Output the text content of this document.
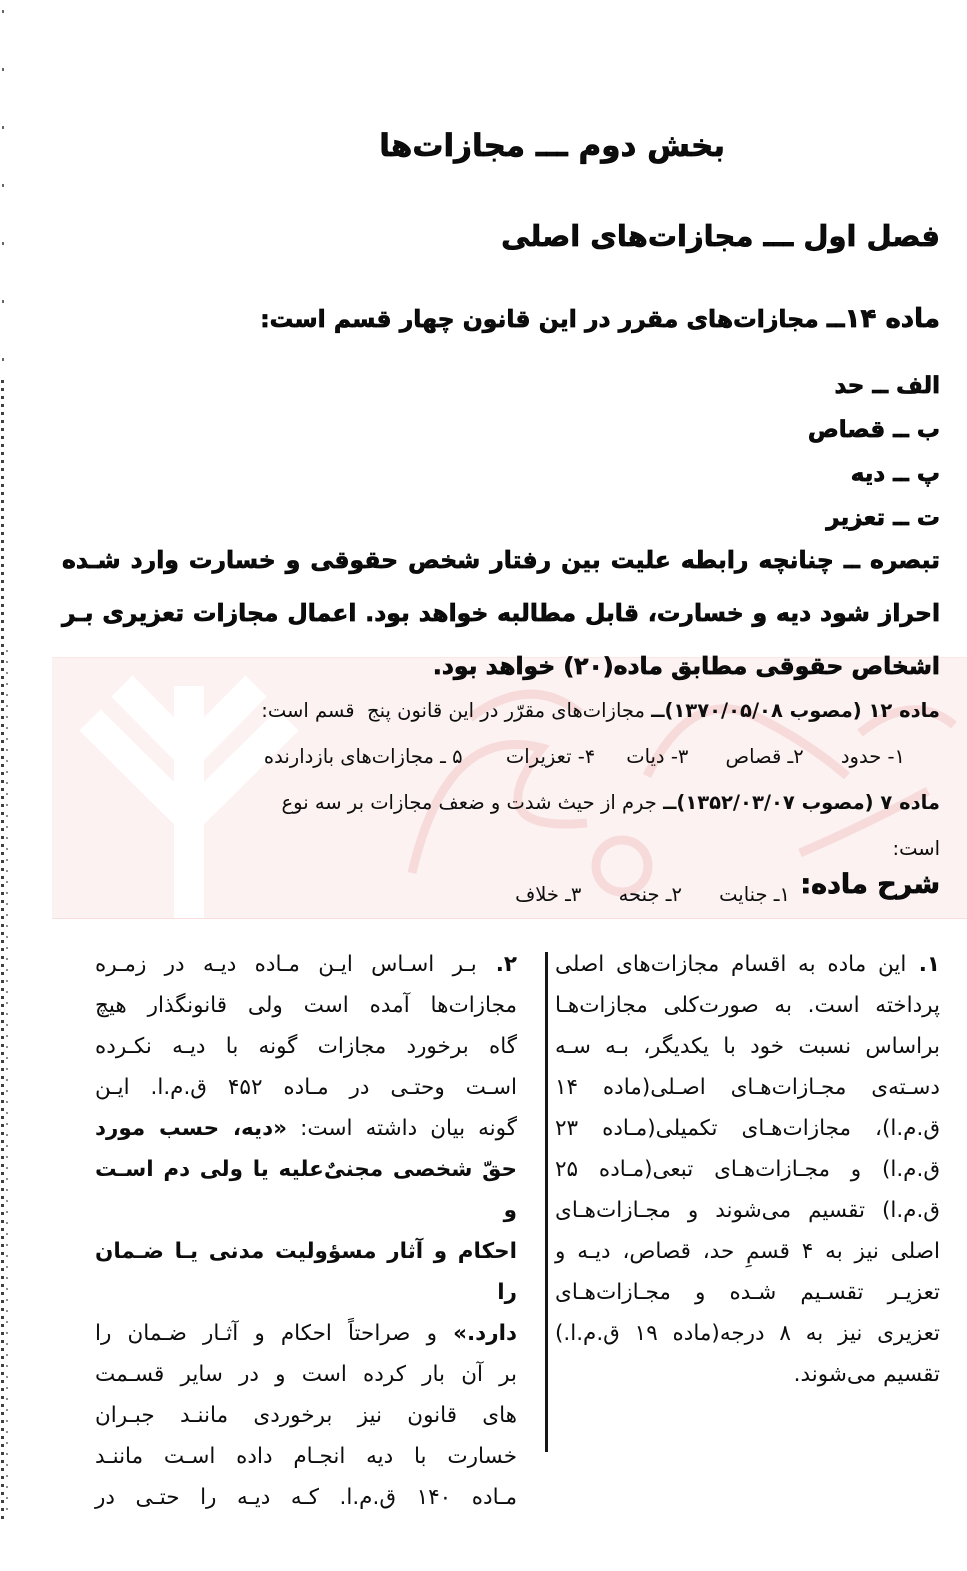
بخش دوم ـــ مجازات‌ها
فصل اول ـــ مجازات‌های اصلی
ماده ۱۴ــ مجازات‌های مقرر در این قانون چهار قسم است:
الف ــ حد
ب ــ قصاص
پ ــ دیه
ت ــ تعزیر
تبصره ــ چنانچه رابطه علیت بین رفتار شخص حقوقی و خسارت وارد شـده
احراز شود دیه و خسارت، قابل مطالبه خواهد بود. اعمال مجازات تعزیری بـر
اشخاص حقوقی مطابق ماده(۲۰) خواهد بود.
ماده ۱۲ (مصوب ۱۳۷۰/۰۵/۰۸)ــ مجازات‌های مقرّر در این قانون پنج  قسم است:
۱- حدود      ۲ـ قصاص      ۳- دیات     ۴- تعزیرات       ۵ ـ مجازات‌های بازدارنده
ماده ۷ (مصوب ۱۳۵۲/۰۳/۰۷)ــ جرم از حیث شدت و ضعف مجازات بر سه نوع است:
۱ـ جنایت      ۲ـ جنحه      ۳ـ خلاف شرح ماده:
۱. این ماده به اقسام مجازات‌های اصلی
پرداخته است. به صورت‌کلی مجازات‌هـا
براساس نسبت خود با یکدیگر، بـه سـه
دسـته‌ی مجـازات‌هـای اصـلی(ماده ۱۴
ق.م.ا)، مجازات‌هـای تکمیلی(مـاده ۲۳
ق.م.ا) و مجـازات‌هـای تبعی(مـاده ۲۵
ق.م.ا) تقسیم می‌شوند و مجـازات‌هـای
اصلی نیز به ۴ قسمِ حد، قصاص، دیـه و
تعزیـر تقسـیم شـده و مجـازات‌هـای
تعزیری نیز به ۸ درجه(ماده ۱۹ ق.م.ا.)
تقسیم می‌شوند.
۲. بـر اسـاس ایـن مـاده دیـه در زمـره
مجازات‌ها آمده است ولی قانونگذار هیچ
گاه برخورد مجازات گونه با دیـه نکـرده
اسـت وحتـی در مـاده ۴۵۲ ق.م.ا. ایـن
گونه بیان داشته است: «دیه، حسب مورد
حقّ شخصی مجنیٌ‌علیه یا ولی دم اسـت و
احکام و آثار مسؤولیت مدنی یـا ضـمان را
دارد.» و صراحتاً احکام و آثـار ضـمان را
بر آن بار کرده است و در سایر قسـمت
های قانون نیز برخوردی ماننـد جبـران
خسارت با دیه انجـام داده اسـت ماننـد
مـاده ۱۴۰ ق.م.ا. کـه دیـه را حتـی در
